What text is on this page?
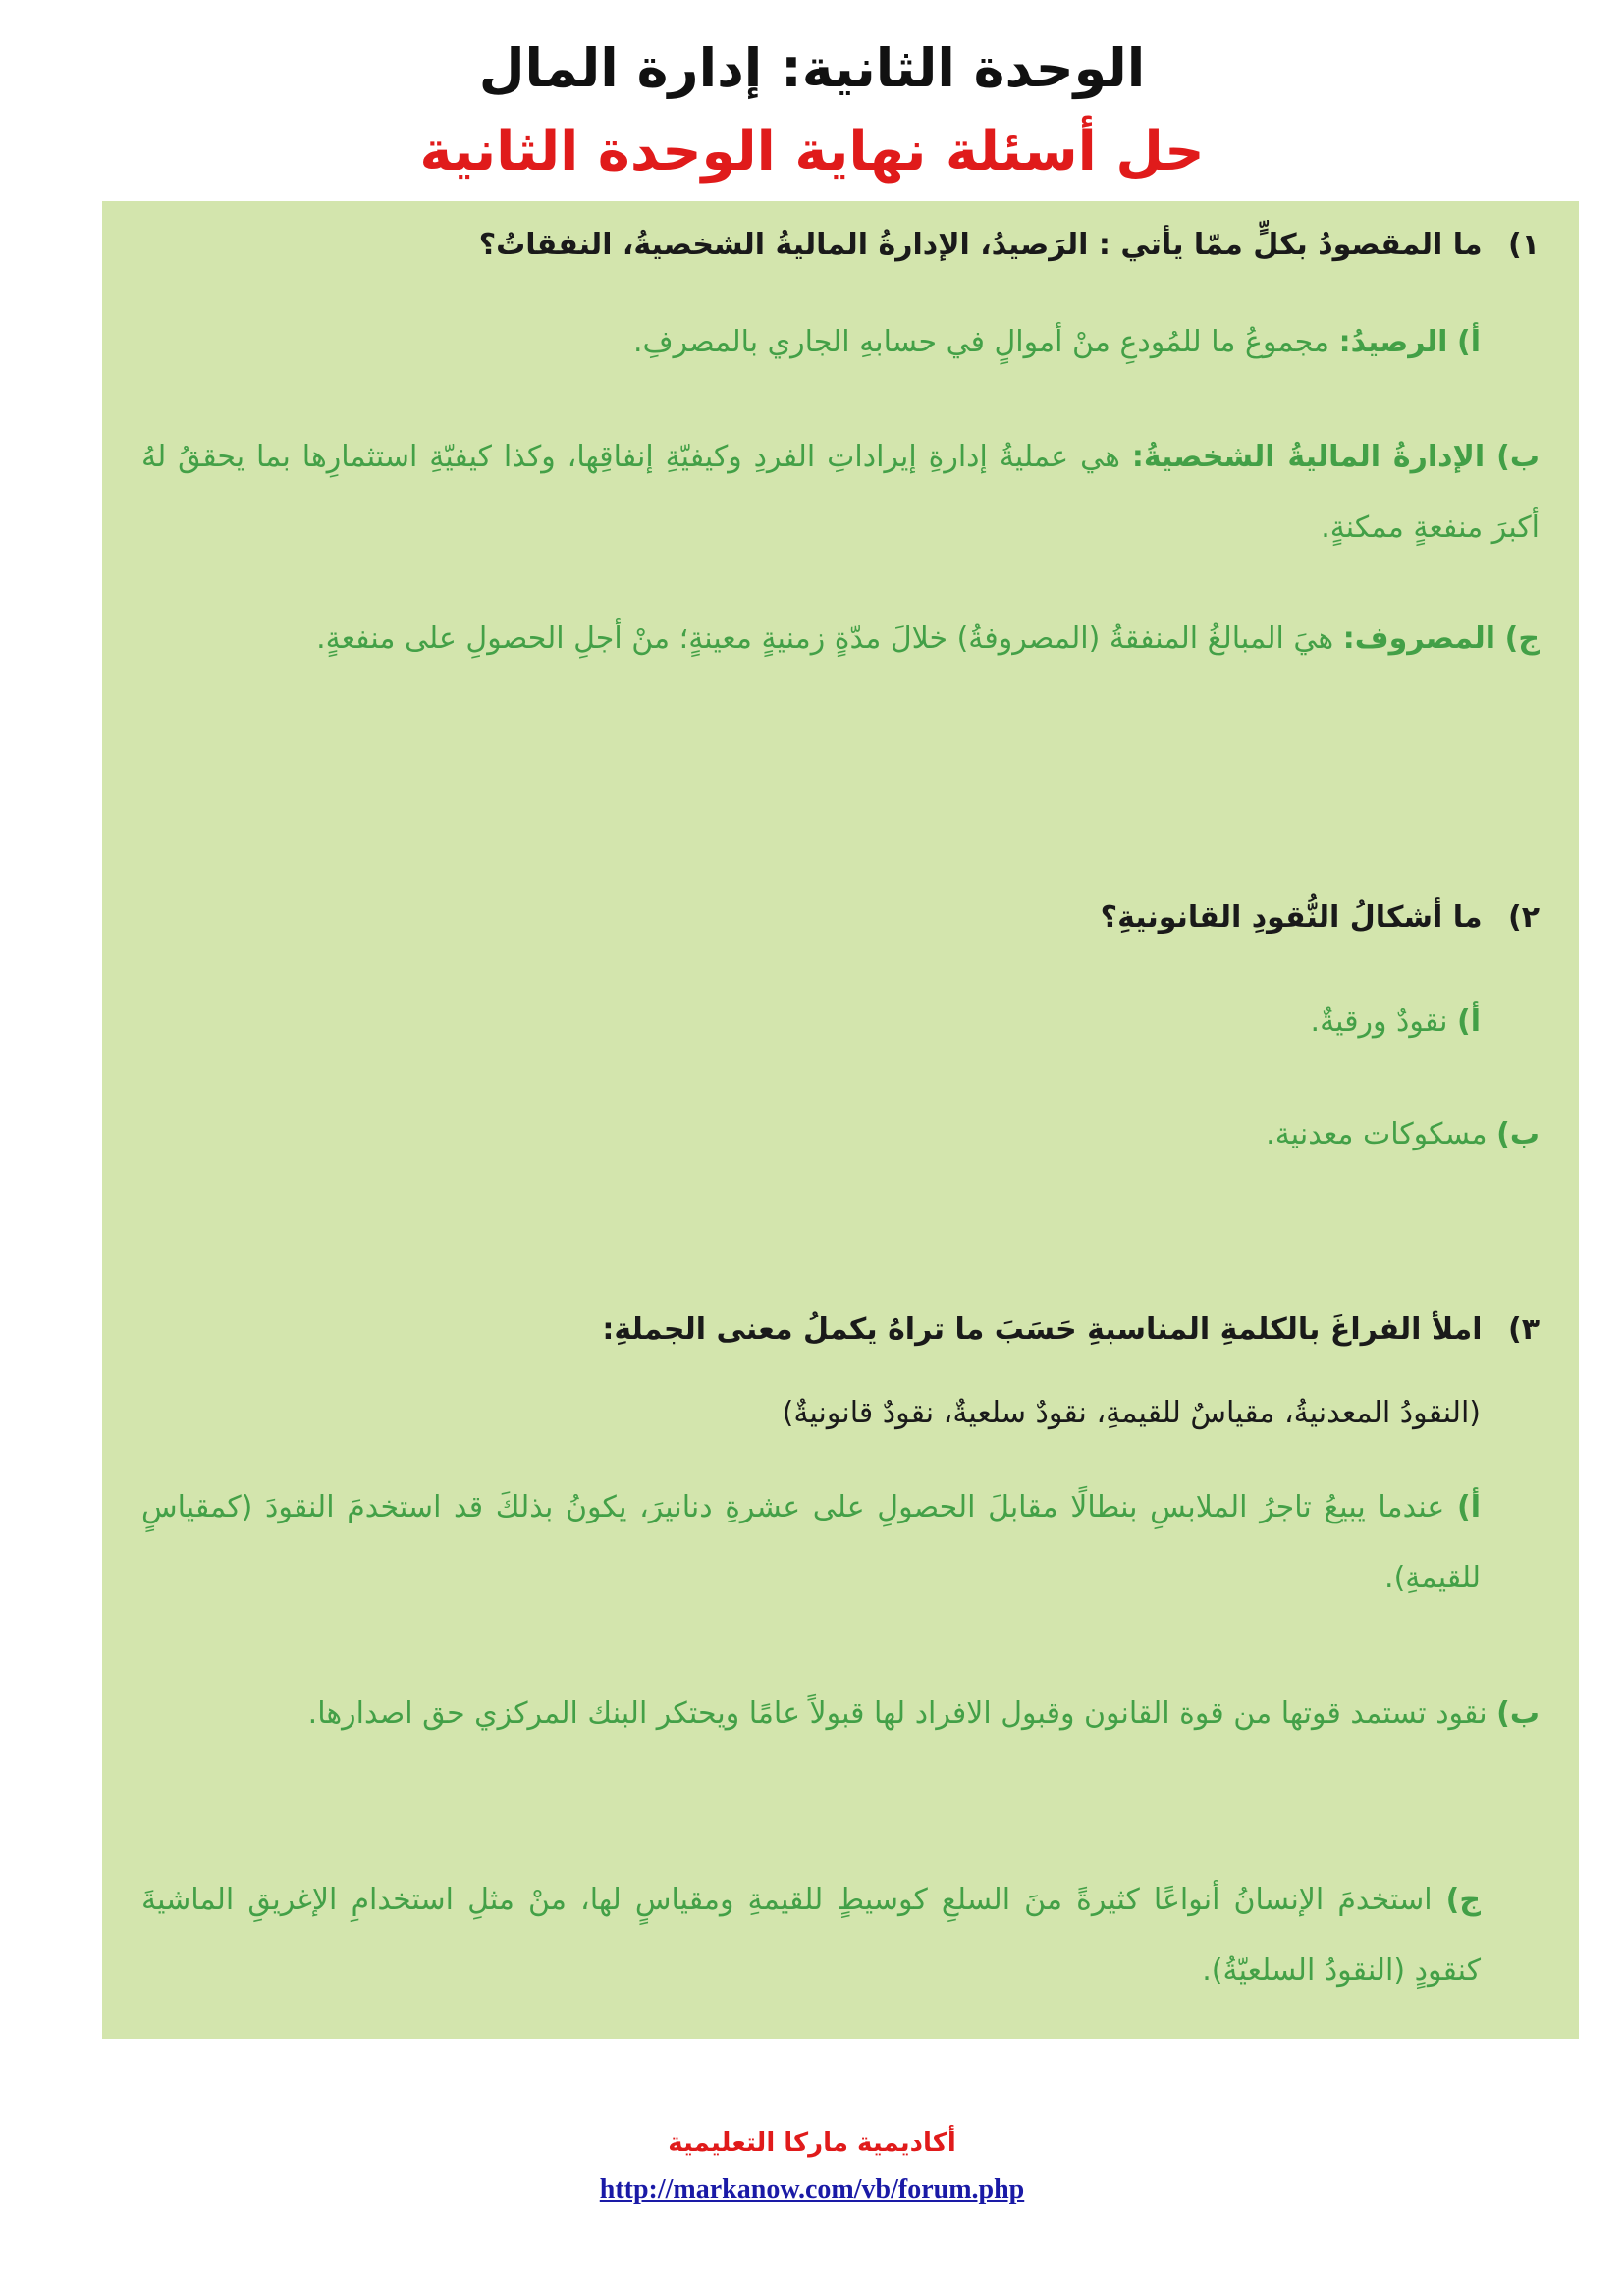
الوحدة الثانية: إدارة المال
حل أسئلة نهاية الوحدة الثانية
١) ما المقصودُ بكلٍّ ممّا يأتي : الرَصيدُ، الإدارةُ الماليةُ الشخصيةُ، النفقاتُ؟
أ) الرصيدُ: مجموعُ ما للمُودعِ منْ أموالٍ في حسابهِ الجاري بالمصرفِ.
ب) الإدارةُ الماليةُ الشخصيةُ: هي عمليةُ إدارةِ إيراداتِ الفردِ وكيفيّةِ إنفاقِها، وكذا كيفيّةِ استثمارِها بما يحققُ لهُ أكبرَ منفعةٍ ممكنةٍ.
ج) المصروف: هيَ المبالغُ المنفقةُ (المصروفةُ) خلالَ مدّةٍ زمنيةٍ معينةٍ؛ منْ أجلِ الحصولِ على منفعةٍ.
٢) ما أشكالُ النُّقودِ القانونيةِ؟
أ) نقودٌ ورقيةٌ.
ب) مسكوكات معدنية.
٣) املأ الفراغَ بالكلمةِ المناسبةِ حَسَبَ ما تراهُ يكملُ معنى الجملةِ:
(النقودُ المعدنيةُ، مقياسٌ للقيمةِ، نقودٌ سلعيةٌ، نقودٌ قانونيةٌ)
أ) عندما يبيعُ تاجرُ الملابسِ بنطالًا مقابلَ الحصولِ على عشرةِ دنانيرَ، يكونُ بذلكَ قد استخدمَ النقودَ (كمقياسٍ للقيمةِ).
ب) نقود تستمد قوتها من قوة القانون وقبول الافراد لها قبولاً عامًا ويحتكر البنك المركزي حق اصدارها.
ج) استخدمَ الإنسانُ أنواعًا كثيرةً منَ السلعِ كوسيطٍ للقيمةِ ومقياسٍ لها، منْ مثلِ استخدامِ الإغريقِ الماشيةَ كنقودٍ (النقودُ السلعيّةُ).
أكاديمية ماركا التعليمية
http://markanow.com/vb/forum.php
